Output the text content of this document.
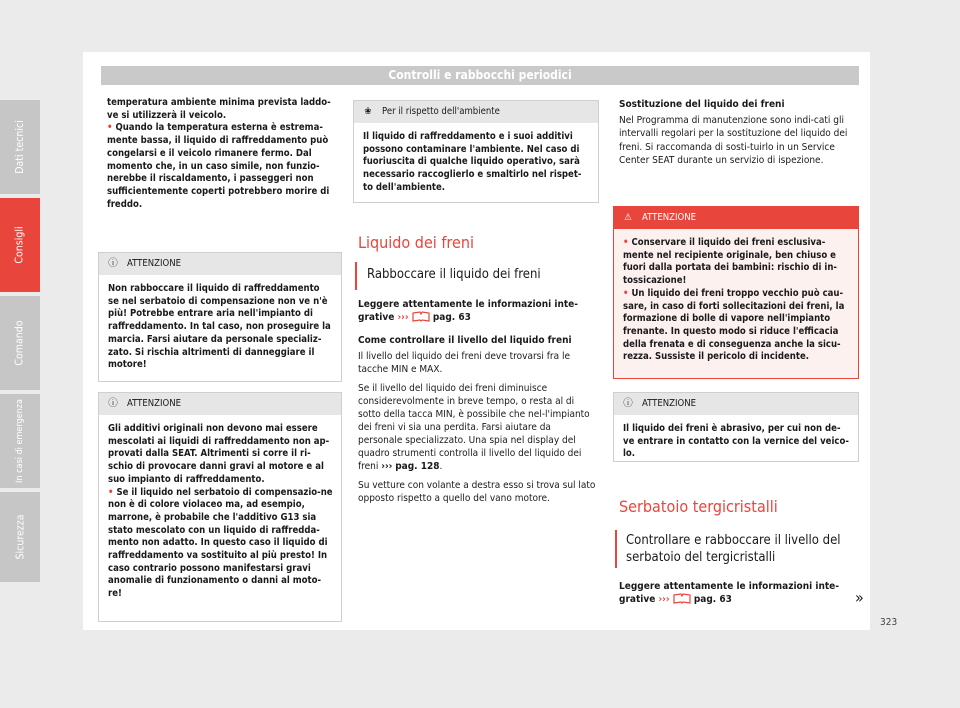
Controlli e rabbocchi periodici

temperatura ambiente minima prevista laddo-ve si utilizzerà il veicolo.

• Quando la temperatura esterna è estrema-mente bassa, il liquido di raffreddamento può congelarsi e il veicolo rimanere fermo. Dal momento che, in un caso simile, non funzio-nerebbe il riscaldamento, i passeggeri non sufficientemente coperti potrebbero morire di freddo.

ⓘ ATTENZIONE
Non rabboccare il liquido di raffreddamento se nel serbatoio di compensazione non ve n'è più! Potrebbe entrare aria nell'impianto di raffreddamento. In tal caso, non proseguire la marcia. Farsi aiutare da personale specializ-zato. Si rischia altrimenti di danneggiare il motore!
ⓘ ATTENZIONE

Gli additivi originali non devono mai essere mescolati ai liquidi di raffreddamento non ap-provati dalla SEAT. Altrimenti si corre il ri-schio di provocare danni gravi al motore e al suo impianto di raffreddamento.

• Se il liquido nel serbatoio di compensazio-ne non è di colore violaceo ma, ad esempio, marrone, è probabile che l'additivo G13 sia stato mescolato con un liquido di raffredda-mento non adatto. In questo caso il liquido di raffreddamento va sostituito al più presto! In caso contrario possono manifestarsi gravi anomalie di funzionamento o danni al moto-re!

❀ Per il rispetto dell'ambiente
Il liquido di raffreddamento e i suoi additivi possono contaminare l'ambiente. Nel caso di fuoriuscita di qualche liquido operativo, sarà necessario raccoglierlo e smaltirlo nel rispet-to dell'ambiente.
Liquido dei freni
Rabboccare il liquido dei freni

Leggere attentamente le informazioni inte-grative ››› pag. 63

Come controllare il livello del liquido freni

Il livello del liquido dei freni deve trovarsi fra le tacche MIN e MAX.

Se il livello del liquido dei freni diminuisce considerevolmente in breve tempo, o resta al di sotto della tacca MIN, è possibile che nel-l'impianto dei freni vi sia una perdita. Farsi aiutare da personale specializzato. Una spia nel display del quadro strumenti controlla il livello del liquido dei freni ››› pag. 128.

Su vetture con volante a destra esso si trova sul lato opposto rispetto a quello del vano motore.

Sostituzione del liquido dei freni

Nel Programma di manutenzione sono indi-cati gli intervalli regolari per la sostituzione del liquido dei freni. Si raccomanda di sosti-tuirlo in un Service Center SEAT durante un servizio di ispezione.

⚠ ATTENZIONE

• Conservare il liquido dei freni esclusiva-mente nel recipiente originale, ben chiuso e fuori dalla portata dei bambini: rischio di in-tossicazione!

• Un liquido dei freni troppo vecchio può cau-sare, in caso di forti sollecitazioni dei freni, la formazione di bolle di vapore nell'impianto frenante. In questo modo si riduce l'efficacia della frenata e di conseguenza anche la sicu-rezza. Sussiste il pericolo di incidente.

ⓘ ATTENZIONE
Il liquido dei freni è abrasivo, per cui non de-ve entrare in contatto con la vernice del veico-lo.
Serbatoio tergicristalli
Controllare e rabboccare il livello del serbatoio del tergicristalli
Leggere attentamente le informazioni inte-grative ››› pag. 63	»
Dati tecnici
Consigli
Comando
In casi di emergenza
Sicurezza
323
